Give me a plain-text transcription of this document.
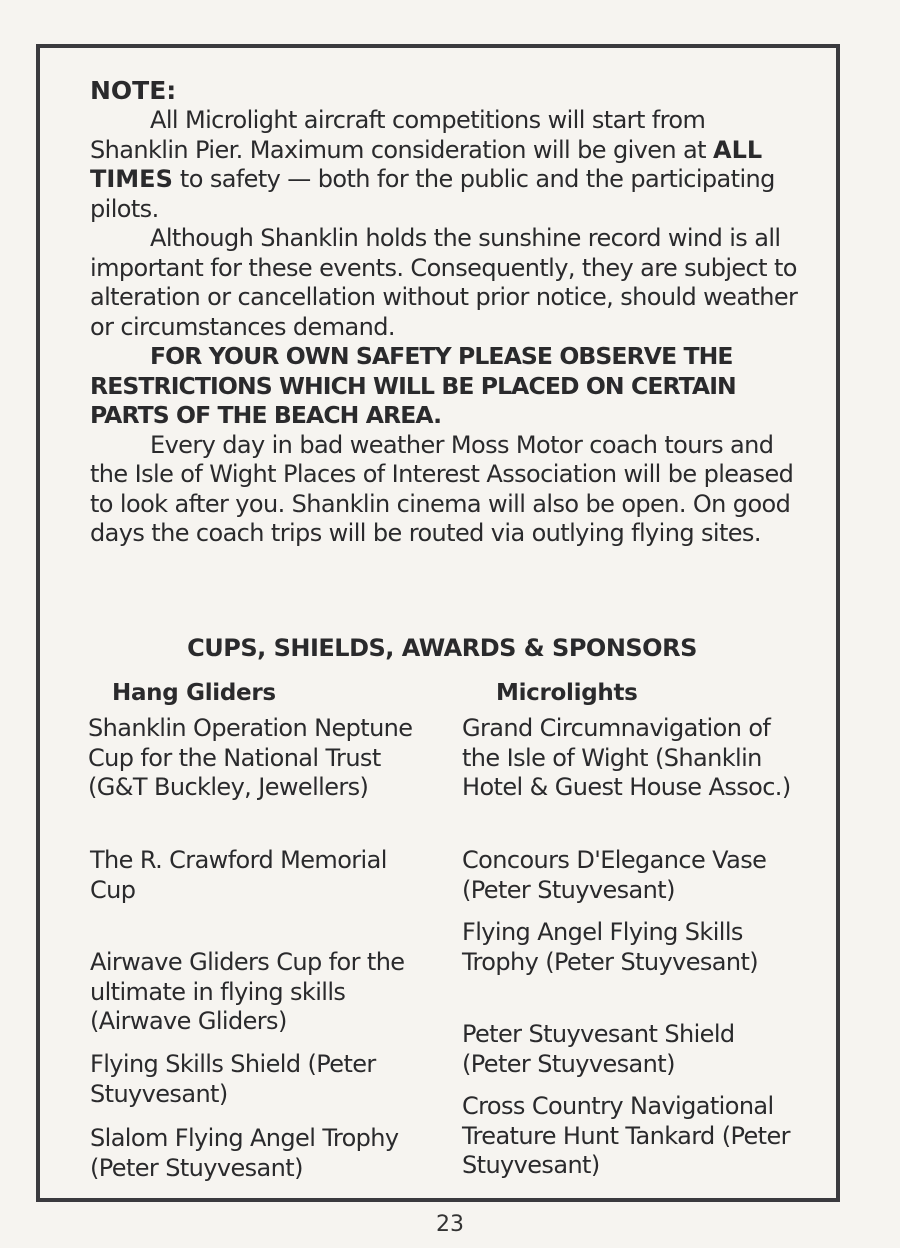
NOTE:

All Microlight aircraft competitions will start from Shanklin Pier. Maximum consideration will be given at ALL TIMES to safety — both for the public and the participating pilots.

Although Shanklin holds the sunshine record wind is all important for these events. Consequently, they are subject to alteration or cancellation without prior notice, should weather or circumstances demand.

FOR YOUR OWN SAFETY PLEASE OBSERVE THE RESTRICTIONS WHICH WILL BE PLACED ON CERTAIN PARTS OF THE BEACH AREA.

Every day in bad weather Moss Motor coach tours and the Isle of Wight Places of Interest Association will be pleased to look after you. Shanklin cinema will also be open. On good days the coach trips will be routed via outlying flying sites.

CUPS, SHIELDS, AWARDS & SPONSORS
Hang Gliders	Microlights
Shanklin Operation Neptune Cup for the National Trust (G&T Buckley, Jewellers)
The R. Crawford Memorial Cup
Airwave Gliders Cup for the ultimate in flying skills (Airwave Gliders)
Flying Skills Shield (Peter Stuyvesant)
Slalom Flying Angel Trophy (Peter Stuyvesant)
Grand Circumnavigation of the Isle of Wight (Shanklin Hotel & Guest House Assoc.)
Concours D'Elegance Vase (Peter Stuyvesant)
Flying Angel Flying Skills Trophy (Peter Stuyvesant)
Peter Stuyvesant Shield (Peter Stuyvesant)
Cross Country Navigational Treature Hunt Tankard (Peter Stuyvesant)
23
